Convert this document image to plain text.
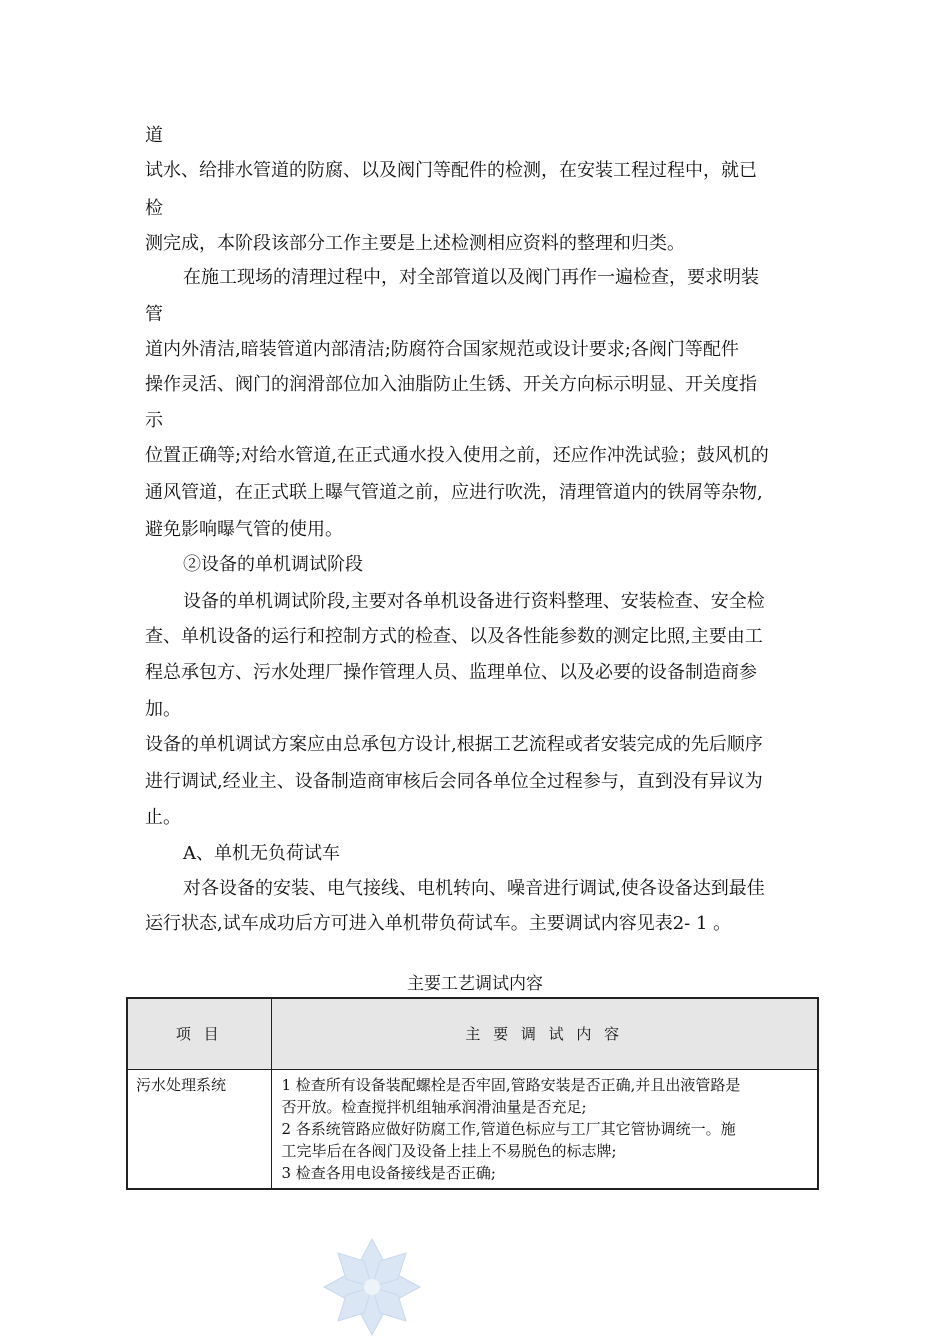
道
试水、给排水管道的防腐、以及阀门等配件的检测，在安装工程过程中，就已
检
测完成，本阶段该部分工作主要是上述检测相应资料的整理和归类。
在施工现场的清理过程中，对全部管道以及阀门再作一遍检查，要求明装
管
道内外清洁,暗装管道内部清洁;防腐符合国家规范或设计要求;各阀门等配件
操作灵活、阀门的润滑部位加入油脂防止生锈、开关方向标示明显、开关度指
示
位置正确等;对给水管道,在正式通水投入使用之前，还应作冲洗试验；鼓风机的
通风管道，在正式联上曝气管道之前，应进行吹洗，清理管道内的铁屑等杂物,
避免影响曝气管的使用。
②设备的单机调试阶段
设备的单机调试阶段,主要对各单机设备进行资料整理、安装检查、安全检
查、单机设备的运行和控制方式的检查、以及各性能参数的测定比照,主要由工
程总承包方、污水处理厂操作管理人员、监理单位、以及必要的设备制造商参
加。
设备的单机调试方案应由总承包方设计,根据工艺流程或者安装完成的先后顺序
进行调试,经业主、设备制造商审核后会同各单位全过程参与，直到没有异议为
止。
A、单机无负荷试车
对各设备的安装、电气接线、电机转向、噪音进行调试,使各设备达到最佳
运行状态,试车成功后方可进入单机带负荷试车。主要调试内容见表2- 1 。
主要工艺调试内容
项 目	主 要 调 试 内 容
污水处理系统	1 检查所有设备装配螺栓是否牢固,管路安装是否正确,并且出液管路是
否开放。检查搅拌机组轴承润滑油量是否充足;
2 各系统管路应做好防腐工作,管道色标应与工厂其它管协调统一。施
工完毕后在各阀门及设备上挂上不易脱色的标志牌;
3 检查各用电设备接线是否正确;
